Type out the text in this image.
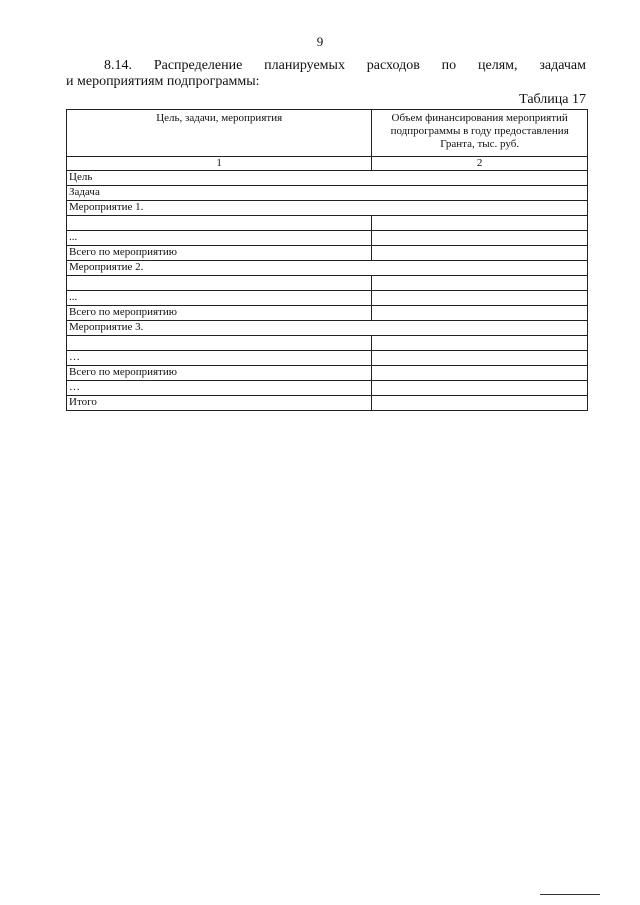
9
8.14. Распределение планируемых расходов по целям, задачам
и мероприятиям подпрограммы:
Таблица 17
Цель, задачи, мероприятия	Объем финансирования мероприятий подпрограммы в году предоставления Гранта, тыс. руб.
1	2
Цель	
Задача	
Мероприятие 1.	

...	
Всего по мероприятию	
Мероприятие 2.	

...	
Всего по мероприятию	
Мероприятие 3.	

…	
Всего по мероприятию	
…	
Итого	
